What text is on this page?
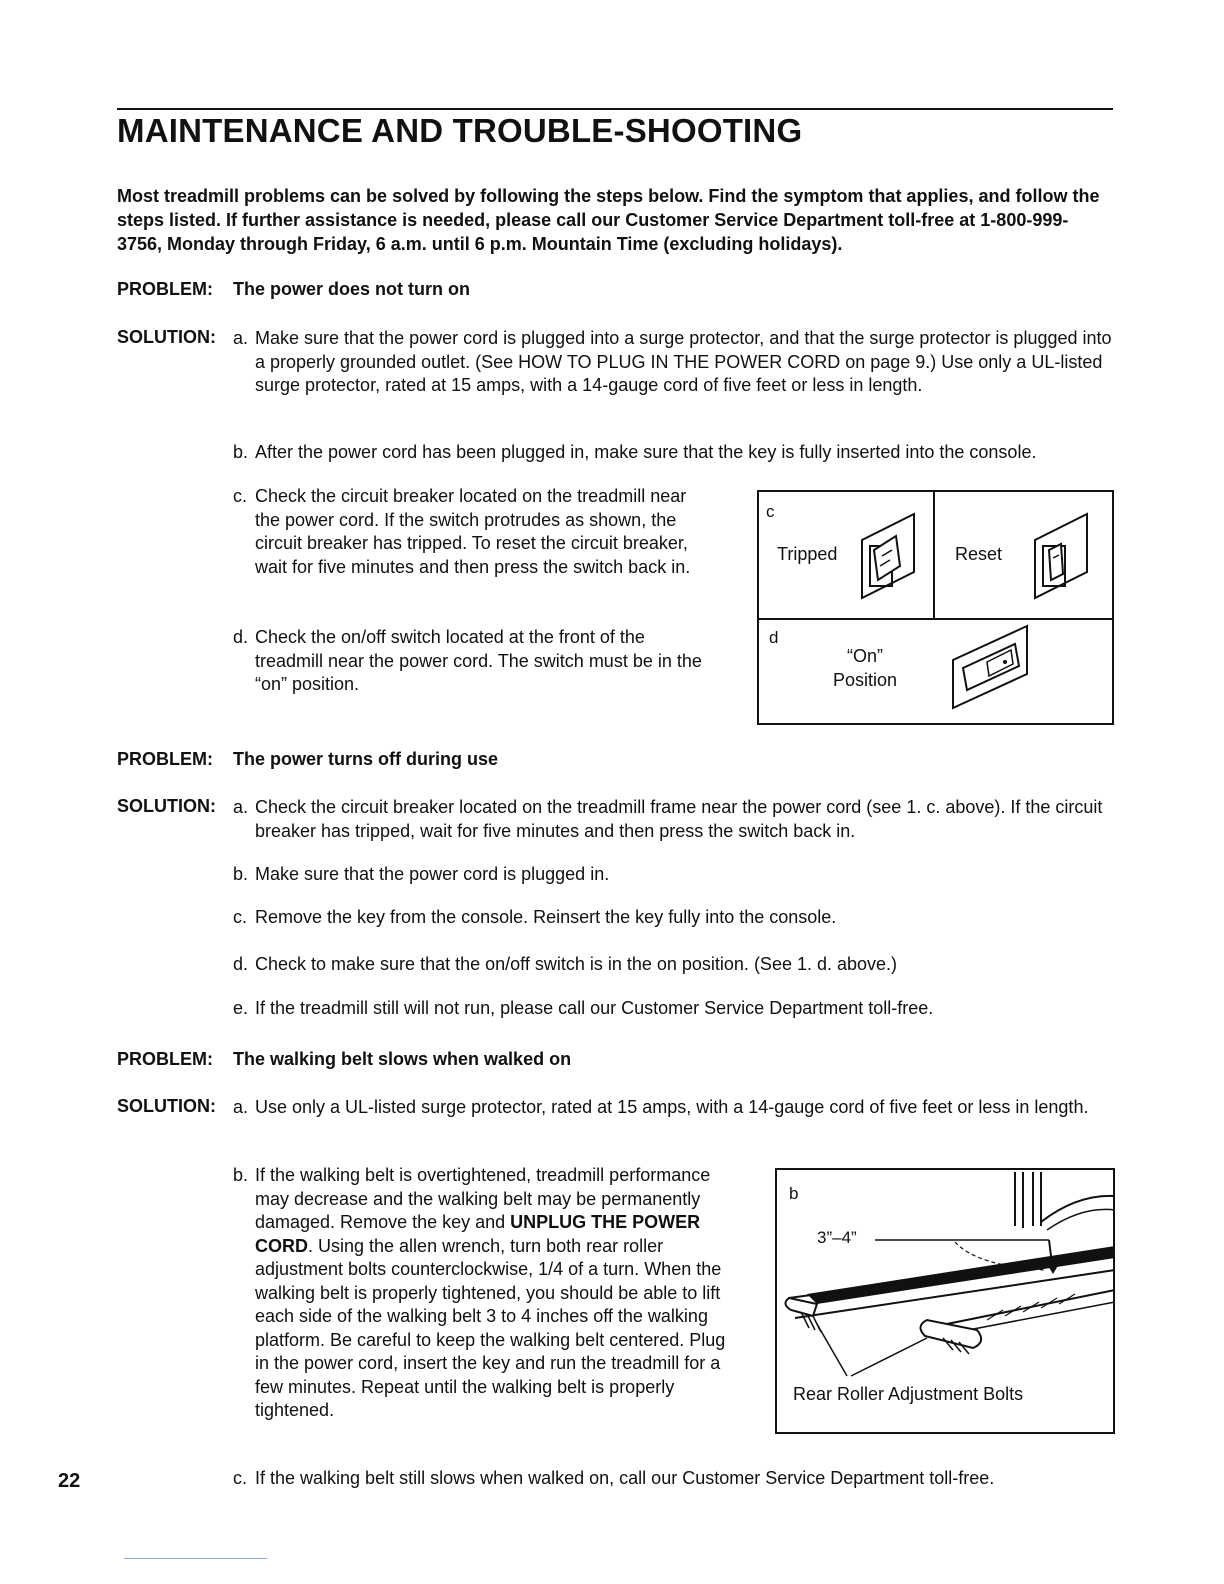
MAINTENANCE AND TROUBLE-SHOOTING
Most treadmill problems can be solved by following the steps below. Find the symptom that applies, and follow the steps listed. If further assistance is needed, please call our Customer Service Department toll-free at 1-800-999-3756, Monday through Friday, 6 a.m. until 6 p.m. Mountain Time (excluding holidays).
PROBLEM: The power does not turn on
SOLUTION: a. Make sure that the power cord is plugged into a surge protector, and that the surge protector is plugged into a properly grounded outlet. (See HOW TO PLUG IN THE POWER CORD on page 9.) Use only a UL-listed surge protector, rated at 15 amps, with a 14-gauge cord of five feet or less in length.
b. After the power cord has been plugged in, make sure that the key is fully inserted into the console.
c. Check the circuit breaker located on the treadmill near the power cord. If the switch protrudes as shown, the circuit breaker has tripped. To reset the circuit breaker, wait for five minutes and then press the switch back in.
d. Check the on/off switch located at the front of the treadmill near the power cord. The switch must be in the “on” position.
c
Tripped	Reset
d
“On”
Position
PROBLEM: The power turns off during use
SOLUTION: a. Check the circuit breaker located on the treadmill frame near the power cord (see 1. c. above). If the circuit breaker has tripped, wait for five minutes and then press the switch back in.
b. Make sure that the power cord is plugged in.
c. Remove the key from the console. Reinsert the key fully into the console.
d. Check to make sure that the on/off switch is in the on position. (See 1. d. above.)
e. If the treadmill still will not run, please call our Customer Service Department toll-free.
PROBLEM: The walking belt slows when walked on
SOLUTION: a. Use only a UL-listed surge protector, rated at 15 amps, with a 14-gauge cord of five feet or less in length.
b. If the walking belt is overtightened, treadmill performance may decrease and the walking belt may be permanently damaged. Remove the key and UNPLUG THE POWER CORD. Using the allen wrench, turn both rear roller adjustment bolts counterclockwise, 1/4 of a turn. When the walking belt is properly tightened, you should be able to lift each side of the walking belt 3 to 4 inches off the walking platform. Be careful to keep the walking belt centered. Plug in the power cord, insert the key and run the treadmill for a few minutes. Repeat until the walking belt is properly tightened.
c. If the walking belt still slows when walked on, call our Customer Service Department toll-free.
b
3”–4”
Rear Roller Adjustment Bolts
22
